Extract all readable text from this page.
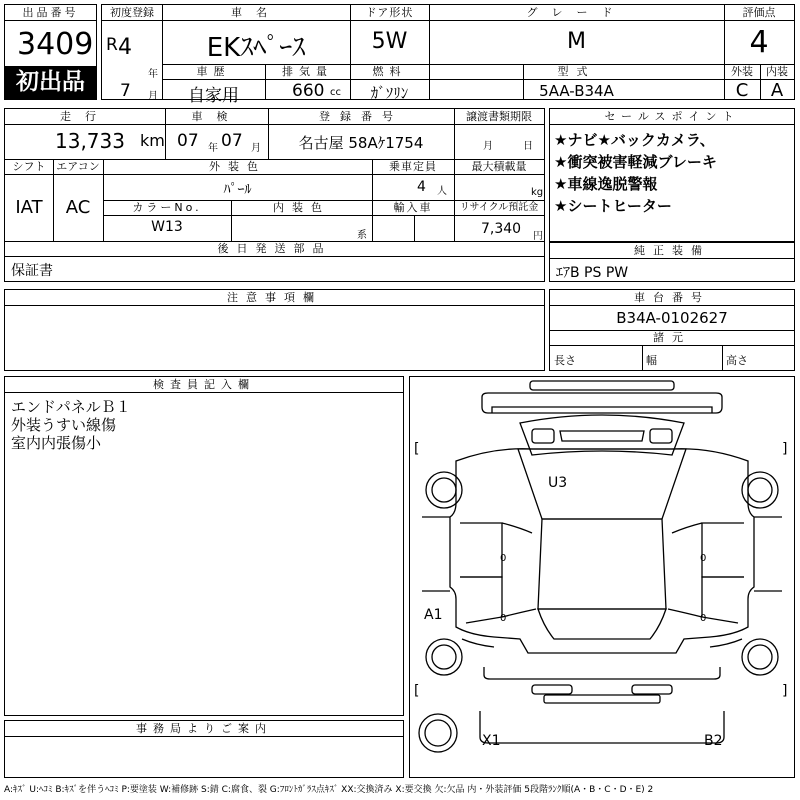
出品番号
3409
初出品
初度登録
R 4
年
7 月
車名
EKｽﾍﾟｰｽ
ドア形状
5W
グレード
M
評価点
4
車歴
自家用
排気量
660 cc
燃料
ｶﾞｿﾘﾝ
型式
5AA-B34A
外装
C
内装
A
走行
13,733 km
車検
07 年 07 月
登録番号
名古屋 58Aｹ1754
譲渡書類期限
月	日
シフト
IAT
エアコン
AC
外装色
ﾊﾟｰﾙ
乗車定員
4 人
最大積載量
kg
カラーNo.
W13
内装色
系
輸入車	リサイクル預託金
7,340 円
後日発送部品
保証書
セールスポイント
★ナビ★バックカメラ、
★衝突被害軽減ブレーキ
★車線逸脱警報
★シートヒーター
純正装備
ｴｱB PS PW
注意事項欄	車台番号
B34A-0102627
諸元
長さ	幅	高さ
検査員記入欄
エンドパネルＢ１
外装うすい線傷
室内内張傷小
事務局よりご案内
[	]
[	]
U3
A1
X1	B2
0
0
0
0
A:ｷｽﾞ U:ﾍｺﾐ B:ｷｽﾞを伴うﾍｺﾐ P:要塗装 W:補修跡 S:錆 C:腐食、裂 G:ﾌﾛﾝﾄｶﾞﾗｽ点ｷｽﾞ XX:交換済み X:要交換 欠:欠品 内・外装評価 5段階ﾗﾝｸ順(A・B・C・D・E) 2
